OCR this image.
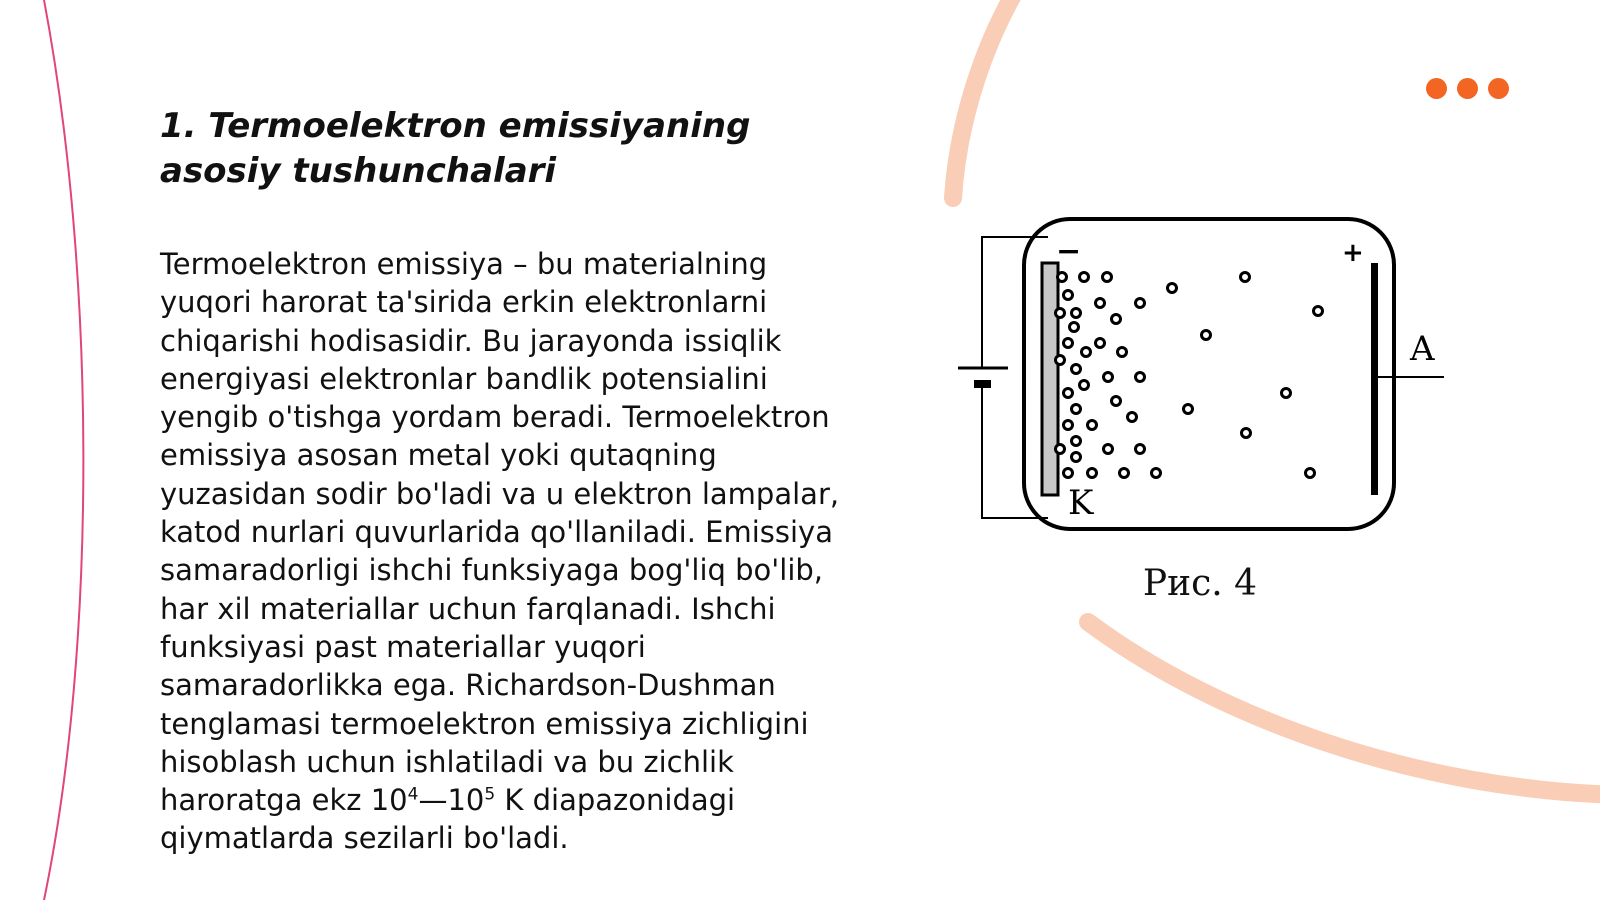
1. Termoelektron emissiyaning asosiy tushunchalari

Termoelektron emissiya – bu materialning yuqori harorat ta'sirida erkin elektronlarni chiqarishi hodisasidir. Bu jarayonda issiqlik energiyasi elektronlar bandlik potensialini yengib o'tishga yordam beradi. Termoelektron emissiya asosan metal yoki qutaqning yuzasidan sodir bo'ladi va u elektron lampalar, katod nurlari quvurlarida qo'llaniladi. Emissiya samaradorligi ishchi funksiyaga bog'liq bo'lib, har xil materiallar uchun farqlanadi. Ishchi funksiyasi past materiallar yuqori samaradorlikka ega. Richardson-Dushman tenglamasi termoelektron emissiya zichligini hisoblash uchun ishlatiladi va bu zichlik haroratga ekz $10^4—10^5$ K diapazonidagi qiymatlarda sezilarli bo'ladi.

−	+
K
A
Рис. 4
